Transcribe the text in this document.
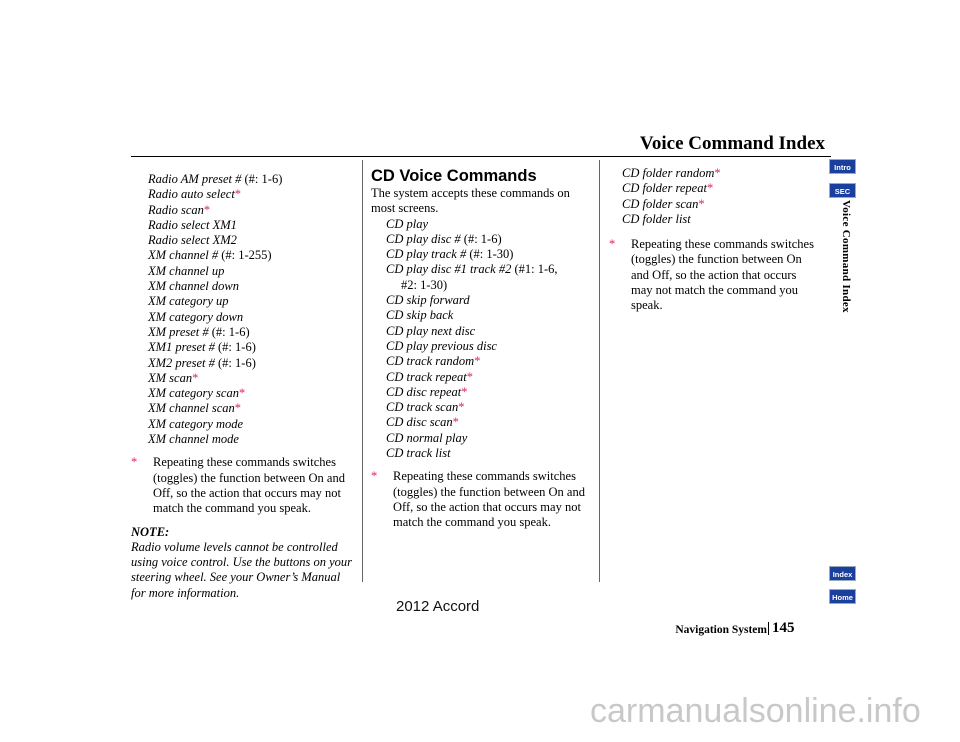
Voice Command Index
Voice Command Index
Intro
SEC
Index
Home
Radio AM preset # (#: 1-6)
Radio auto select*
Radio scan*
Radio select XM1
Radio select XM2
XM channel # (#: 1-255)
XM channel up
XM channel down
XM category up
XM category down
XM preset # (#: 1-6)
XM1 preset # (#: 1-6)
XM2 preset # (#: 1-6)
XM scan*
XM category scan*
XM channel scan*
XM category mode
XM channel mode
* Repeating these commands switches (toggles) the function between On and Off, so the action that occurs may not match the command you speak.
NOTE:
Radio volume levels cannot be controlled using voice control. Use the buttons on your steering wheel. See your Owner’s Manual for more information.
CD Voice Commands
The system accepts these commands on most screens.
CD play
CD play disc # (#: 1-6)
CD play track # (#: 1-30)
CD play disc #1 track #2 (#1: 1-6,
#2: 1-30)
CD skip forward
CD skip back
CD play next disc
CD play previous disc
CD track random*
CD track repeat*
CD disc repeat*
CD track scan*
CD disc scan*
CD normal play
CD track list
* Repeating these commands switches (toggles) the function between On and Off, so the action that occurs may not match the command you speak.
CD folder random*
CD folder repeat*
CD folder scan*
CD folder list
* Repeating these commands switches (toggles) the function between On and Off, so the action that occurs may not match the command you speak.
Navigation System 145
2012 Accord
carmanualsonline.info
